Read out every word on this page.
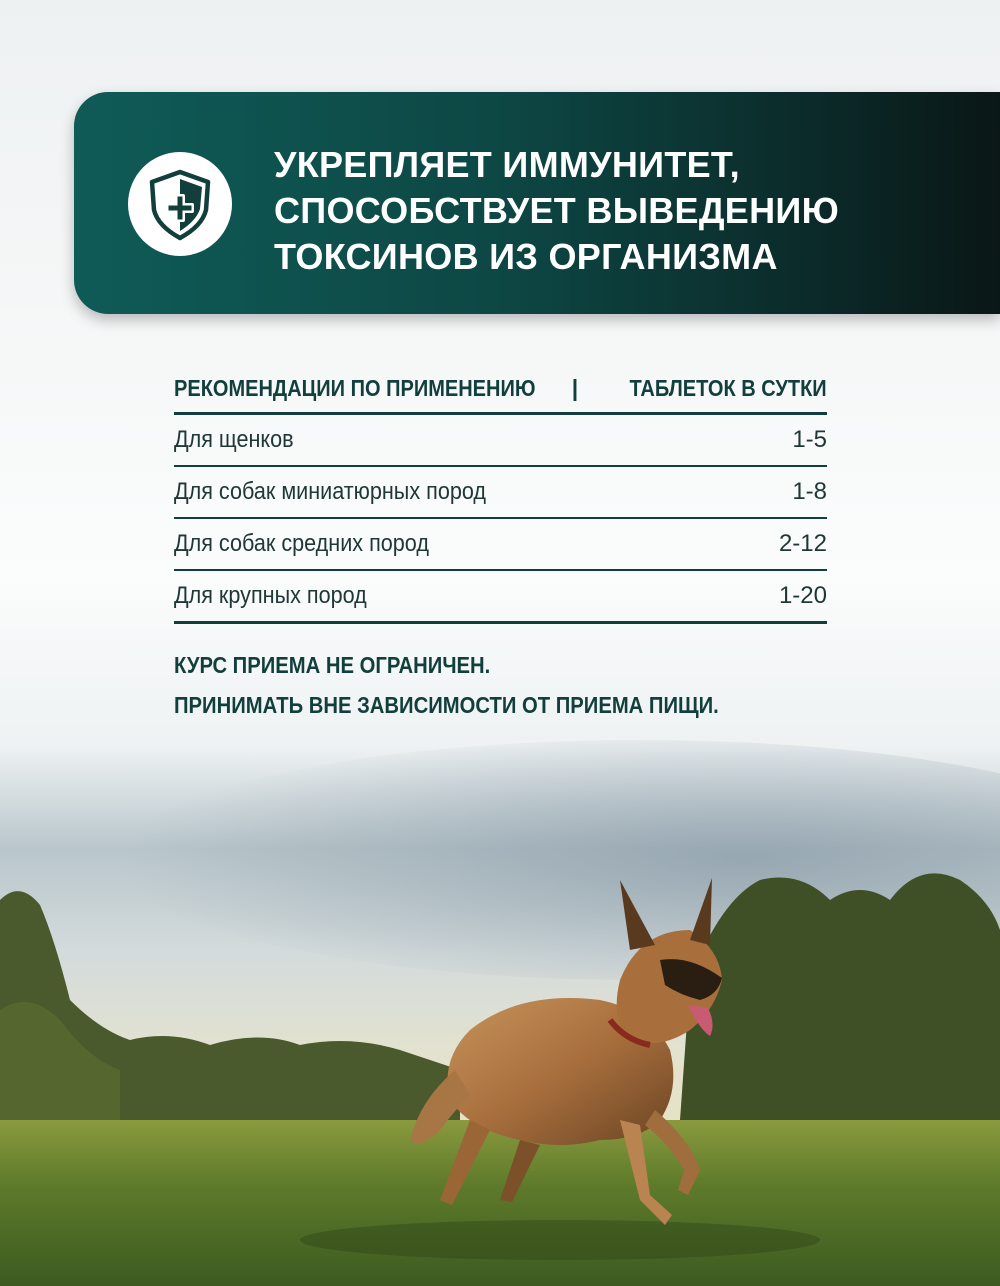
УКРЕПЛЯЕТ ИММУНИТЕТ,
СПОСОБСТВУЕТ ВЫВЕДЕНИЮ
ТОКСИНОВ ИЗ ОРГАНИЗМА
РЕКОМЕНДАЦИИ ПО ПРИМЕНЕНИЮ	|	ТАБЛЕТОК В СУТКИ
Для щенков	1-5
Для собак миниатюрных пород	1-8
Для собак средних пород	2-12
Для крупных пород	1-20
КУРС ПРИЕМА НЕ ОГРАНИЧЕН.
ПРИНИМАТЬ ВНЕ ЗАВИСИМОСТИ ОТ ПРИЕМА ПИЩИ.
